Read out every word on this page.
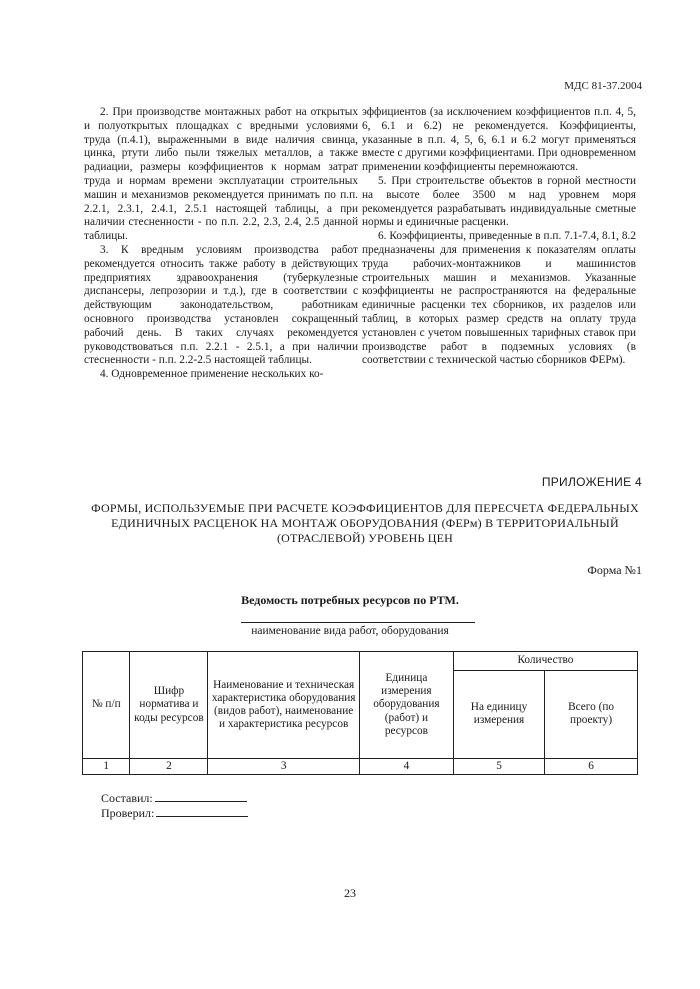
МДС 81-37.2004

2. При производстве монтажных работ на открытых и полуоткрытых площадках с вредными условиями труда (п.4.1), выраженными в виде наличия свинца, цинка, ртути либо пыли тяжелых металлов, а также радиации, размеры коэффициентов к нормам затрат труда и нормам времени эксплуатации строительных машин и механизмов рекомендуется принимать по п.п. 2.2.1, 2.3.1, 2.4.1, 2.5.1 настоящей таблицы, а при наличии стесненности - по п.п. 2.2, 2.3, 2.4, 2.5 данной таблицы.

3. К вредным условиям производства работ рекомендуется относить также работу в действующих предприятиях здравоохранения (туберкулезные диспансеры, лепрозории и т.д.), где в соответствии с действующим законодательством, работникам основного производства установлен сокращенный рабочий день. В таких случаях рекомендуется руководствоваться п.п. 2.2.1 - 2.5.1, а при наличии стесненности - п.п. 2.2-2.5 настоящей таблицы.

4. Одновременное применение нескольких ко-

эффициентов (за исключением коэффициентов п.п. 4, 5, 6, 6.1 и 6.2) не рекомендуется. Коэффициенты, указанные в п.п. 4, 5, 6, 6.1 и 6.2 могут применяться вместе с другими коэффициентами. При одновременном применении коэффициенты перемножаются.

5. При строительстве объектов в горной местности на высоте более 3500 м над уровнем моря рекомендуется разрабатывать индивидуальные сметные нормы и единичные расценки.

6. Коэффициенты, приведенные в п.п. 7.1-7.4, 8.1, 8.2 предназначены для применения к показателям оплаты труда рабочих-монтажников и машинистов строительных машин и механизмов. Указанные коэффициенты не распространяются на федеральные единичные расценки тех сборников, их разделов или таблиц, в которых размер средств на оплату труда установлен с учетом повышенных тарифных ставок при производстве работ в подземных условиях (в соответствии с технической частью сборников ФЕРм).

ПРИЛОЖЕНИЕ 4
ФОРМЫ, ИСПОЛЬЗУЕМЫЕ ПРИ РАСЧЕТЕ КОЭФФИЦИЕНТОВ ДЛЯ ПЕРЕСЧЕТА ФЕДЕРАЛЬНЫХ ЕДИНИЧНЫХ РАСЦЕНОК НА МОНТАЖ ОБОРУДОВАНИЯ (ФЕРм) В ТЕРРИТОРИАЛЬНЫЙ (ОТРАСЛЕВОЙ) УРОВЕНЬ ЦЕН
Форма №1
Ведомость потребных ресурсов по РТМ.
наименование вида работ, оборудования
№ п/п	Шифр норматива и коды ресурсов	Наименование и техническая характеристика оборудования (видов работ), наименование и характеристика ресурсов	Единица измерения оборудования (работ) и ресурсов	Количество	
				На единицу измерения	Всего (по проекту)
1	2	3	4	5	6
Составил:
Проверил:
23
